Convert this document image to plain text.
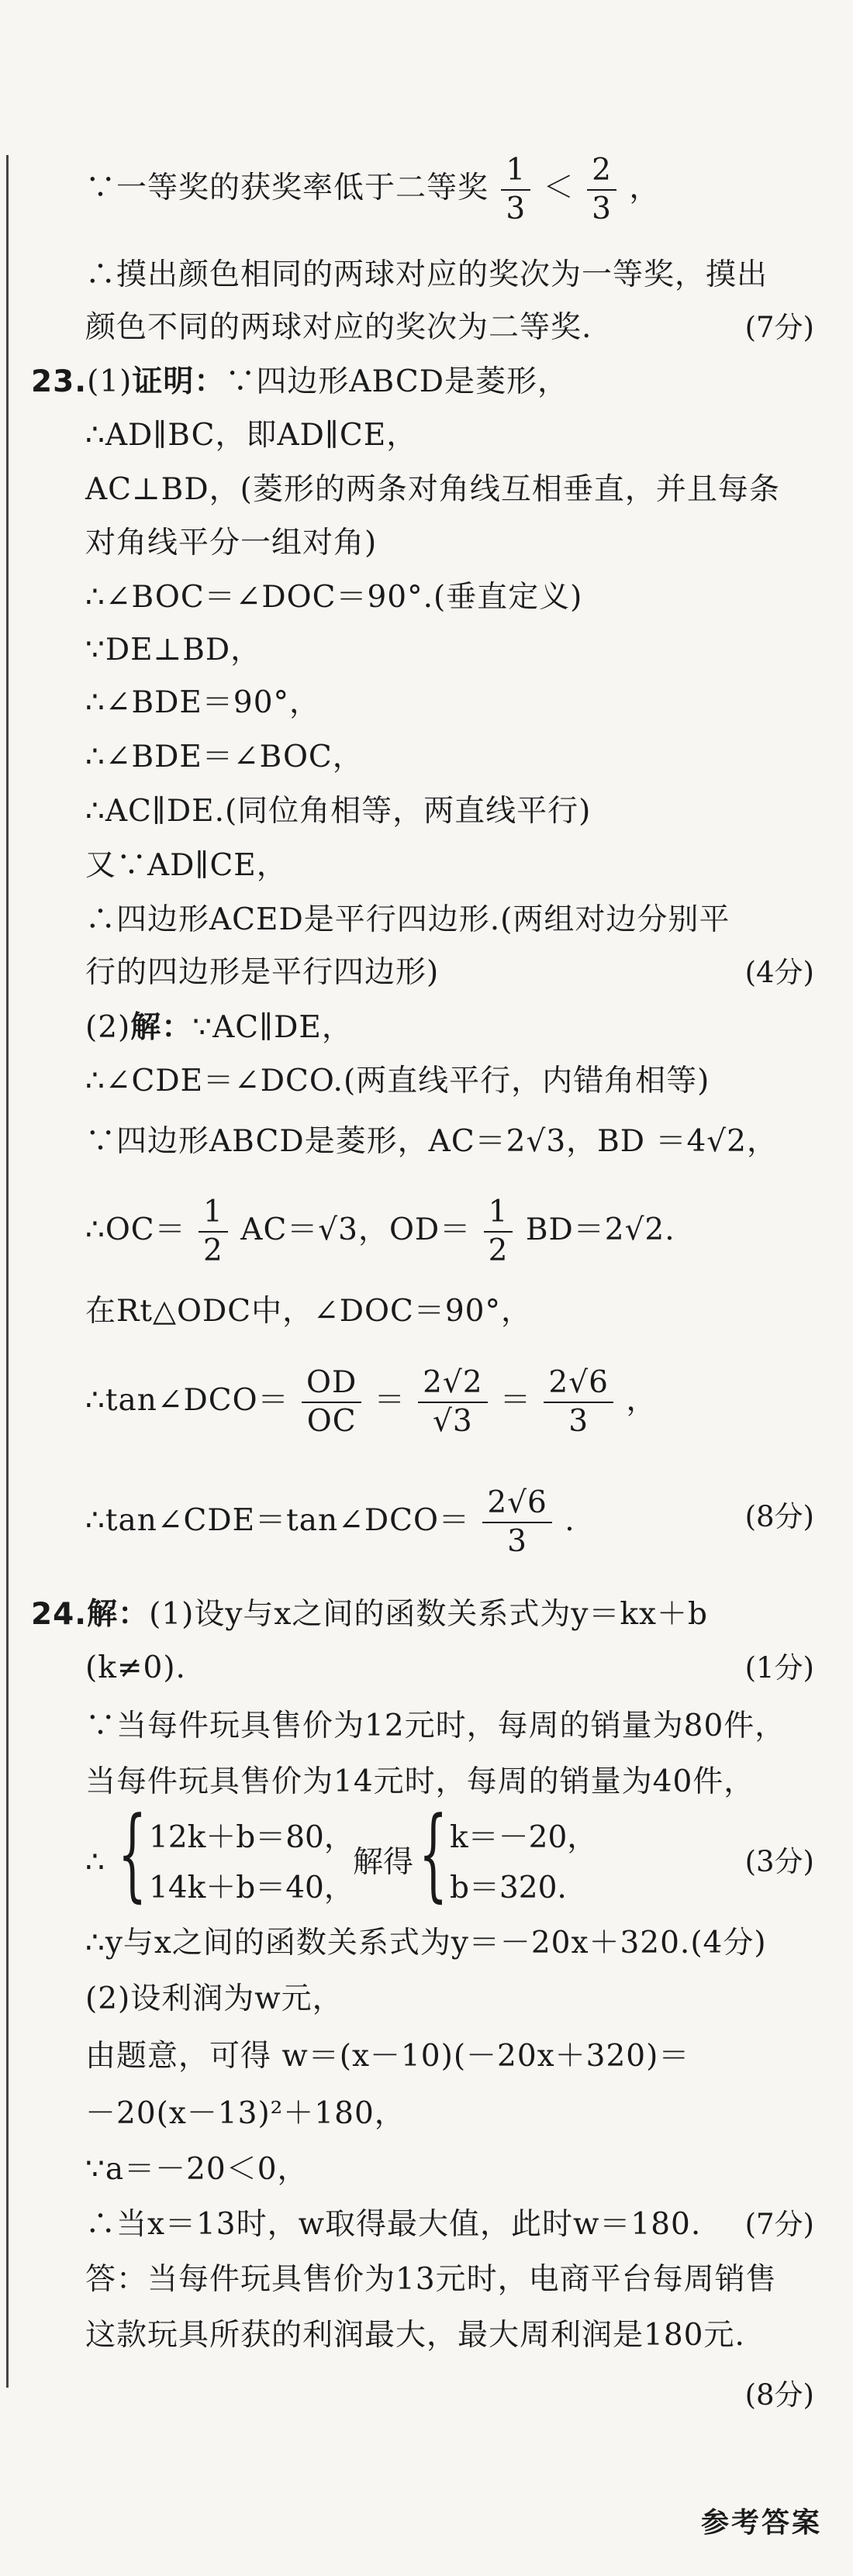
∵一等奖的获奖率低于二等奖 $\frac{1}{3} < \frac{2}{3}$ ，
∴摸出颜色相同的两球对应的奖次为一等奖，摸出
颜色不同的两球对应的奖次为二等奖.	(7分)
23.(1)证明：∵四边形ABCD是菱形，
∴AD∥BC，即AD∥CE，
AC⊥BD，(菱形的两条对角线互相垂直，并且每条
对角线平分一组对角)
∴∠BOC＝∠DOC＝90°.(垂直定义)
∵DE⊥BD，
∴∠BDE＝90°，
∴∠BDE＝∠BOC，
∴AC∥DE.(同位角相等，两直线平行)
又∵AD∥CE，
∴四边形ACED是平行四边形.(两组对边分别平
行的四边形是平行四边形)	(4分)
(2)解：∵AC∥DE，
∴∠CDE＝∠DCO.(两直线平行，内错角相等)
∵四边形ABCD是菱形，AC＝2√3，BD ＝4√2，
∴OC＝ $\frac{1}{2} AC=√3$，$OD= \frac{1}{2} BD=2√2$.
在Rt△ODC中，∠DOC＝90°，
∴tan∠DCO＝ $\frac{OD}{OC} = \frac{2√2}{√3} = \frac{2√6}{3}$ ，
∴tan∠CDE＝tan∠DCO＝ $\frac{2√6}{3}$ .	(8分)
24.解：(1)设y与x之间的函数关系式为y＝kx＋b
(k≠0).	(1分)
∵当每件玩具售价为12元时，每周的销量为80件，
当每件玩具售价为14元时，每周的销量为40件，
∴ { 12k＋b＝80，
14k＋b＝40，
解得 { k＝－20，
b＝320.
(3分)
∴y与x之间的函数关系式为y＝－20x＋320.(4分)
(2)设利润为w元，
由题意，可得 w＝(x－10)(－20x＋320)＝
－20(x－13)²＋180，
∵a＝－20＜0，
∴当x＝13时，w取得最大值，此时w＝180. (7分)
答：当每件玩具售价为13元时，电商平台每周销售
这款玩具所获的利润最大，最大周利润是180元.
(8分)
参考答案
